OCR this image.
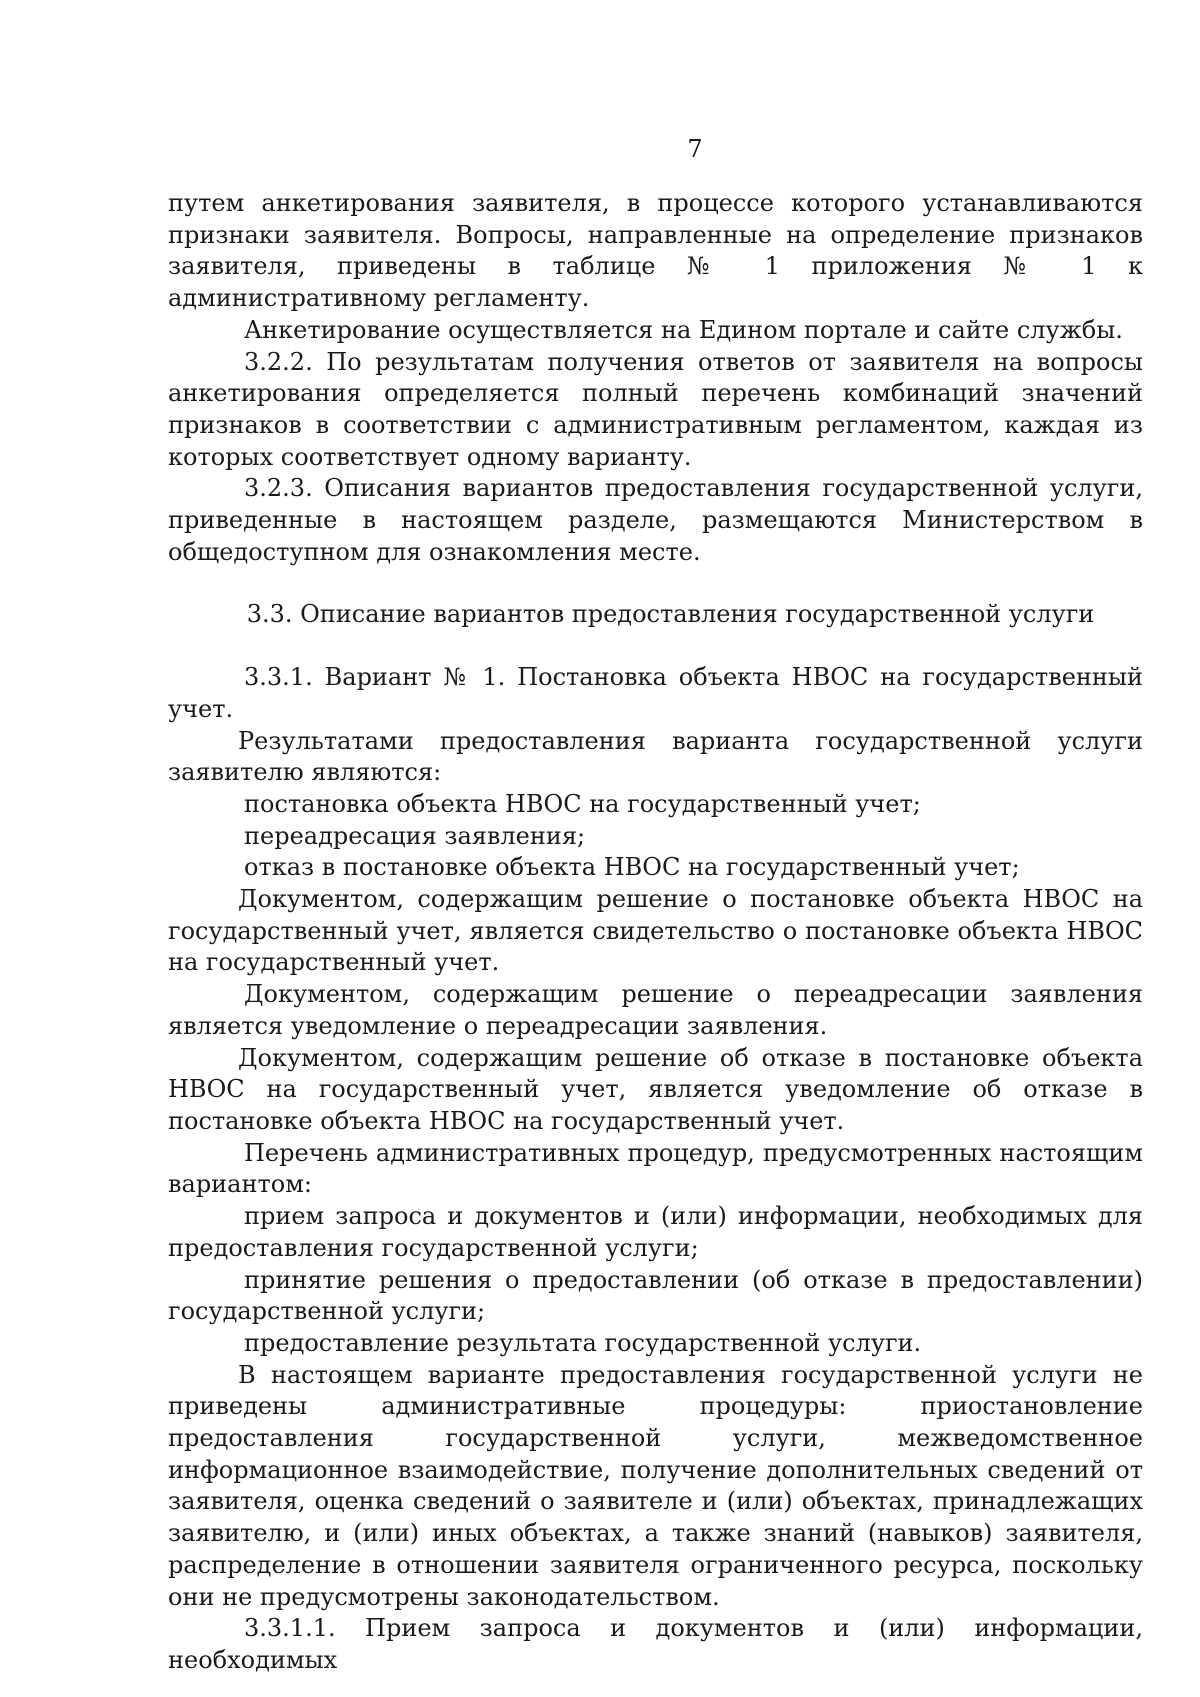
7

путем анкетирования заявителя, в процессе которого устанавливаются признаки заявителя. Вопросы, направленные на определение признаков заявителя, приведены в таблице № 1 приложения № 1 к административному регламенту.

Анкетирование осуществляется на Едином портале и сайте службы.

3.2.2. По результатам получения ответов от заявителя на вопросы анкетирования определяется полный перечень комбинаций значений признаков в соответствии с административным регламентом, каждая из которых соответствует одному варианту.

3.2.3. Описания вариантов предоставления государственной услуги, приведенные в настоящем разделе, размещаются Министерством в общедоступном для ознакомления месте.

3.3. Описание вариантов предоставления государственной услуги

3.3.1. Вариант № 1. Постановка объекта НВОС на государственный учет.

Результатами предоставления варианта государственной услуги заявителю являются:

постановка объекта НВОС на государственный учет;

переадресация заявления;

отказ в постановке объекта НВОС на государственный учет;

Документом, содержащим решение о постановке объекта НВОС на государственный учет, является свидетельство о постановке объекта НВОС на государственный учет.

Документом, содержащим решение о переадресации заявления является уведомление о переадресации заявления.

Документом, содержащим решение об отказе в постановке объекта НВОС на государственный учет, является уведомление об отказе в постановке объекта НВОС на государственный учет.

Перечень административных процедур, предусмотренных настоящим вариантом:

прием запроса и документов и (или) информации, необходимых для предоставления государственной услуги;

принятие решения о предоставлении (об отказе в предоставлении) государственной услуги;

предоставление результата государственной услуги.

В настоящем варианте предоставления государственной услуги не приведены административные процедуры: приостановление предоставления государственной услуги, межведомственное информационное взаимодействие, получение дополнительных сведений от заявителя, оценка сведений о заявителе и (или) объектах, принадлежащих заявителю, и (или) иных объектах, а также знаний (навыков) заявителя, распределение в отношении заявителя ограниченного ресурса, поскольку они не предусмотрены законодательством.

3.3.1.1. Прием запроса и документов и (или) информации, необходимых
